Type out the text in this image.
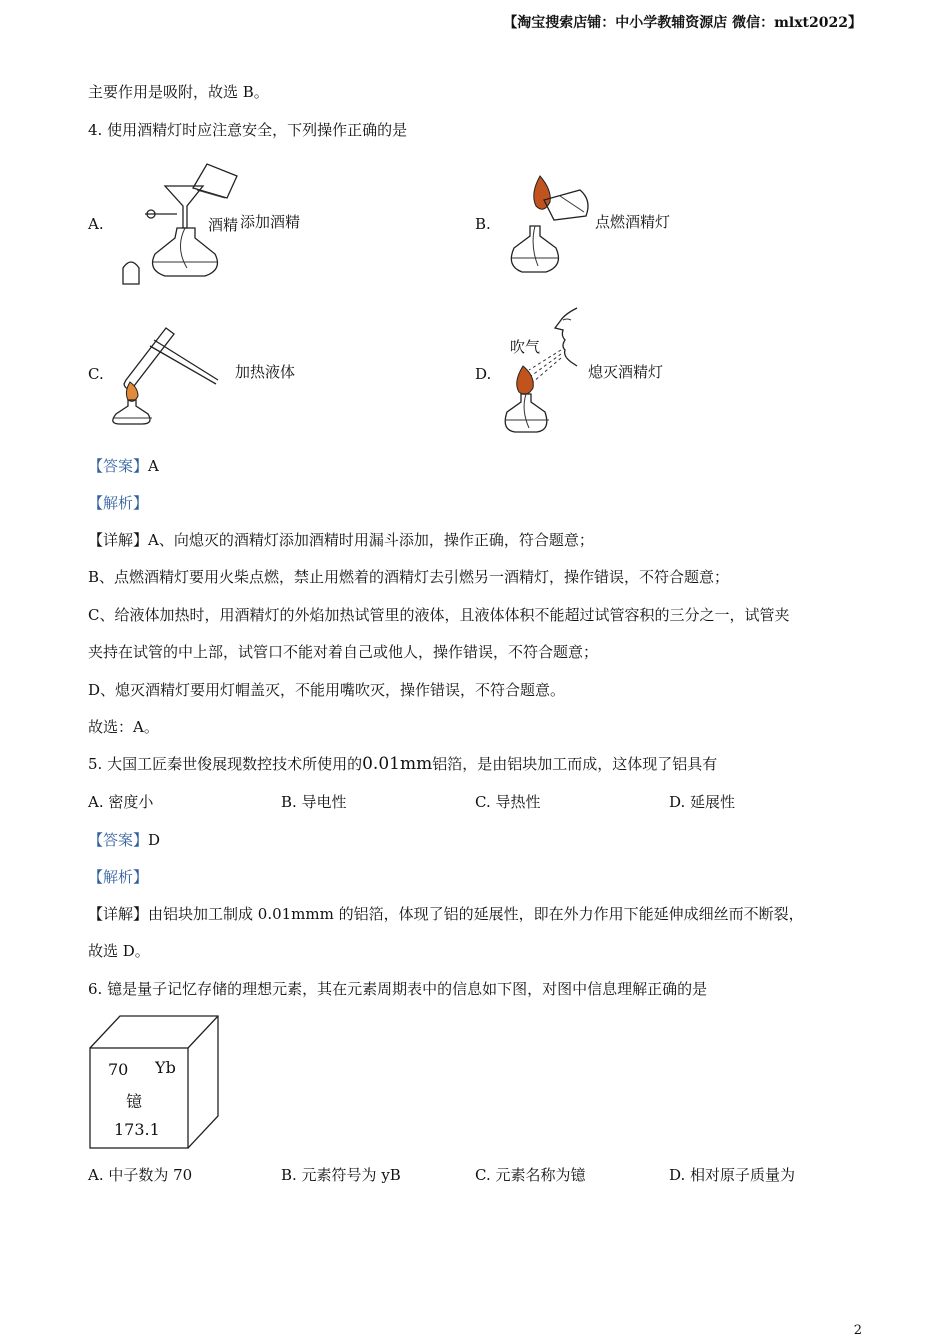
【淘宝搜索店铺：中小学教辅资源店 微信：mlxt2022】
主要作用是吸附，故选 B。
4. 使用酒精灯时应注意安全，下列操作正确的是
A.	酒精 添加酒精	B.	点燃酒精灯
C.	加热液体	D.
吹气
熄灭酒精灯
【答案】A
【解析】
【详解】A、向熄灭的酒精灯添加酒精时用漏斗添加，操作正确，符合题意；
B、点燃酒精灯要用火柴点燃，禁止用燃着的酒精灯去引燃另一酒精灯，操作错误，不符合题意；
C、给液体加热时，用酒精灯的外焰加热试管里的液体，且液体体积不能超过试管容积的三分之一，试管夹
夹持在试管的中上部，试管口不能对着自己或他人，操作错误，不符合题意；
D、熄灭酒精灯要用灯帽盖灭，不能用嘴吹灭，操作错误，不符合题意。
故选：A。
5. 大国工匠秦世俊展现数控技术所使用的0.01mm铝箔，是由铝块加工而成，这体现了铝具有
A. 密度小	B. 导电性	C. 导热性	D. 延展性
【答案】D
【解析】
【详解】由铝块加工制成 0.01mmm 的铝箔，体现了铝的延展性，即在外力作用下能延伸成细丝而不断裂，
故选 D。
6. 镱是量子记忆存储的理想元素，其在元素周期表中的信息如下图，对图中信息理解正确的是
70 Yb
镱
173.1
A. 中子数为 70	B. 元素符号为 yB	C. 元素名称为镱	D. 相对原子质量为
2
